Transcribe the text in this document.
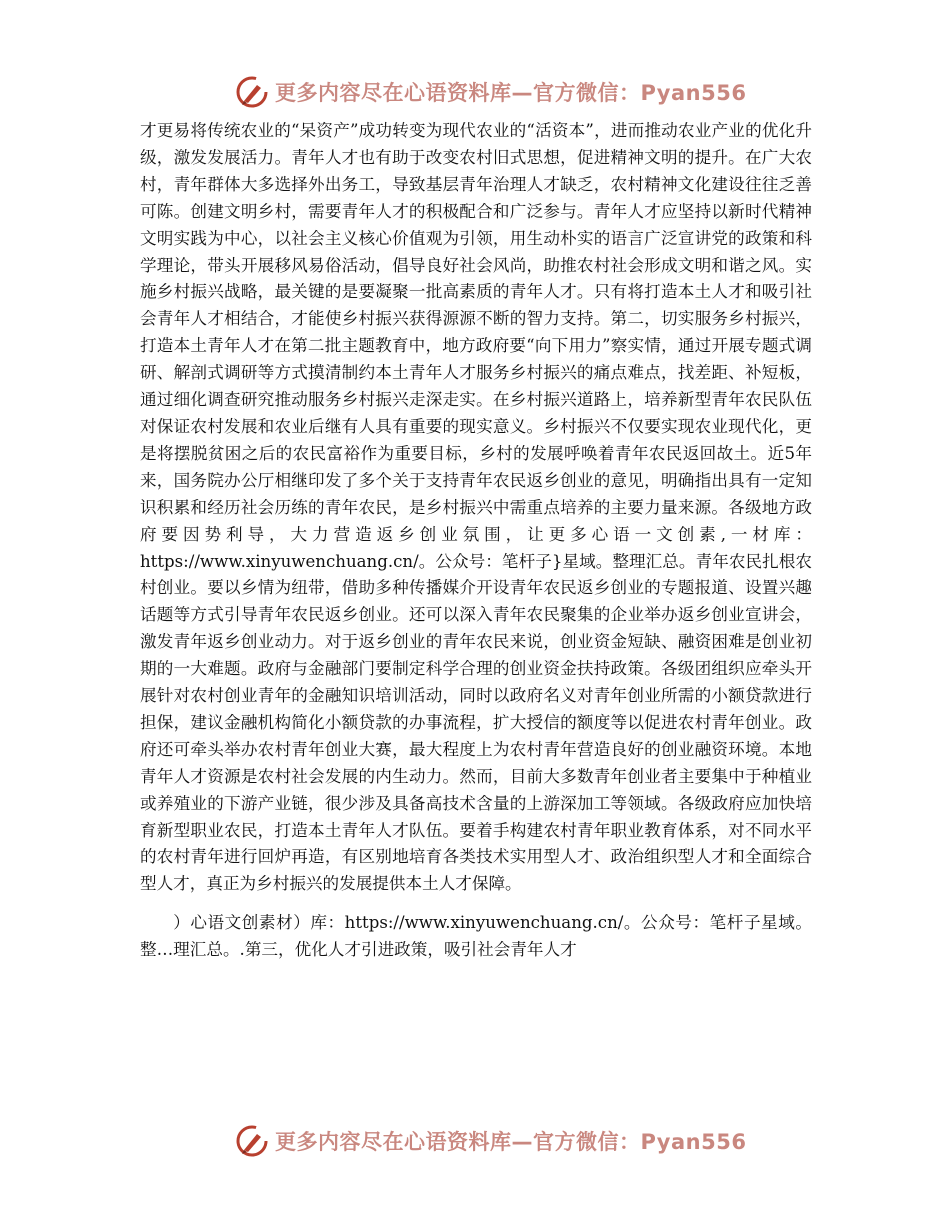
更多内容尽在心语资料库—官方微信：Pyan556

才更易将传统农业的“呆资产”成功转变为现代农业的“活资本”，进而推动农业产业的优化升级，激发发展活力。青年人才也有助于改变农村旧式思想，促进精神文明的提升。在广大农村，青年群体大多选择外出务工，导致基层青年治理人才缺乏，农村精神文化建设往往乏善可陈。创建文明乡村，需要青年人才的积极配合和广泛参与。青年人才应坚持以新时代精神文明实践为中心，以社会主义核心价值观为引领，用生动朴实的语言广泛宣讲党的政策和科学理论，带头开展移风易俗活动，倡导良好社会风尚，助推农村社会形成文明和谐之风。实施乡村振兴战略，最关键的是要凝聚一批高素质的青年人才。只有将打造本土人才和吸引社会青年人才相结合，才能使乡村振兴获得源源不断的智力支持。第二，切实服务乡村振兴，打造本土青年人才在第二批主题教育中，地方政府要“向下用力”察实情，通过开展专题式调研、解剖式调研等方式摸清制约本土青年人才服务乡村振兴的痛点难点，找差距、补短板，通过细化调查研究推动服务乡村振兴走深走实。在乡村振兴道路上，培养新型青年农民队伍对保证农村发展和农业后继有人具有重要的现实意义。乡村振兴不仅要实现农业现代化，更是将摆脱贫困之后的农民富裕作为重要目标，乡村的发展呼唤着青年农民返回故土。近5年来，国务院办公厅相继印发了多个关于支持青年农民返乡创业的意见，明确指出具有一定知识积累和经历社会历练的青年农民，是乡村振兴中需重点培养的主要力量来源。各级地方政府要因势利导，大力营造返乡创业氛围，让更多心语一文创素,一材库：https://www.xinyuwenchuang.cn/。公众号：笔杆子}星域。整理汇总。青年农民扎根农村创业。要以乡情为纽带，借助多种传播媒介开设青年农民返乡创业的专题报道、设置兴趣话题等方式引导青年农民返乡创业。还可以深入青年农民聚集的企业举办返乡创业宣讲会，激发青年返乡创业动力。对于返乡创业的青年农民来说，创业资金短缺、融资困难是创业初期的一大难题。政府与金融部门要制定科学合理的创业资金扶持政策。各级团组织应牵头开展针对农村创业青年的金融知识培训活动，同时以政府名义对青年创业所需的小额贷款进行担保，建议金融机构简化小额贷款的办事流程，扩大授信的额度等以促进农村青年创业。政府还可牵头举办农村青年创业大赛，最大程度上为农村青年营造良好的创业融资环境。本地青年人才资源是农村社会发展的内生动力。然而，目前大多数青年创业者主要集中于种植业或养殖业的下游产业链，很少涉及具备高技术含量的上游深加工等领域。各级政府应加快培育新型职业农民，打造本土青年人才队伍。要着手构建农村青年职业教育体系，对不同水平的农村青年进行回炉再造，有区别地培育各类技术实用型人才、政治组织型人才和全面综合型人才，真正为乡村振兴的发展提供本土人才保障。

）心语文创素材）库：https://www.xinyuwenchuang.cn/。公众号：笔杆子星域。整…理汇总。.第三，优化人才引进政策，吸引社会青年人才

更多内容尽在心语资料库—官方微信：Pyan556
